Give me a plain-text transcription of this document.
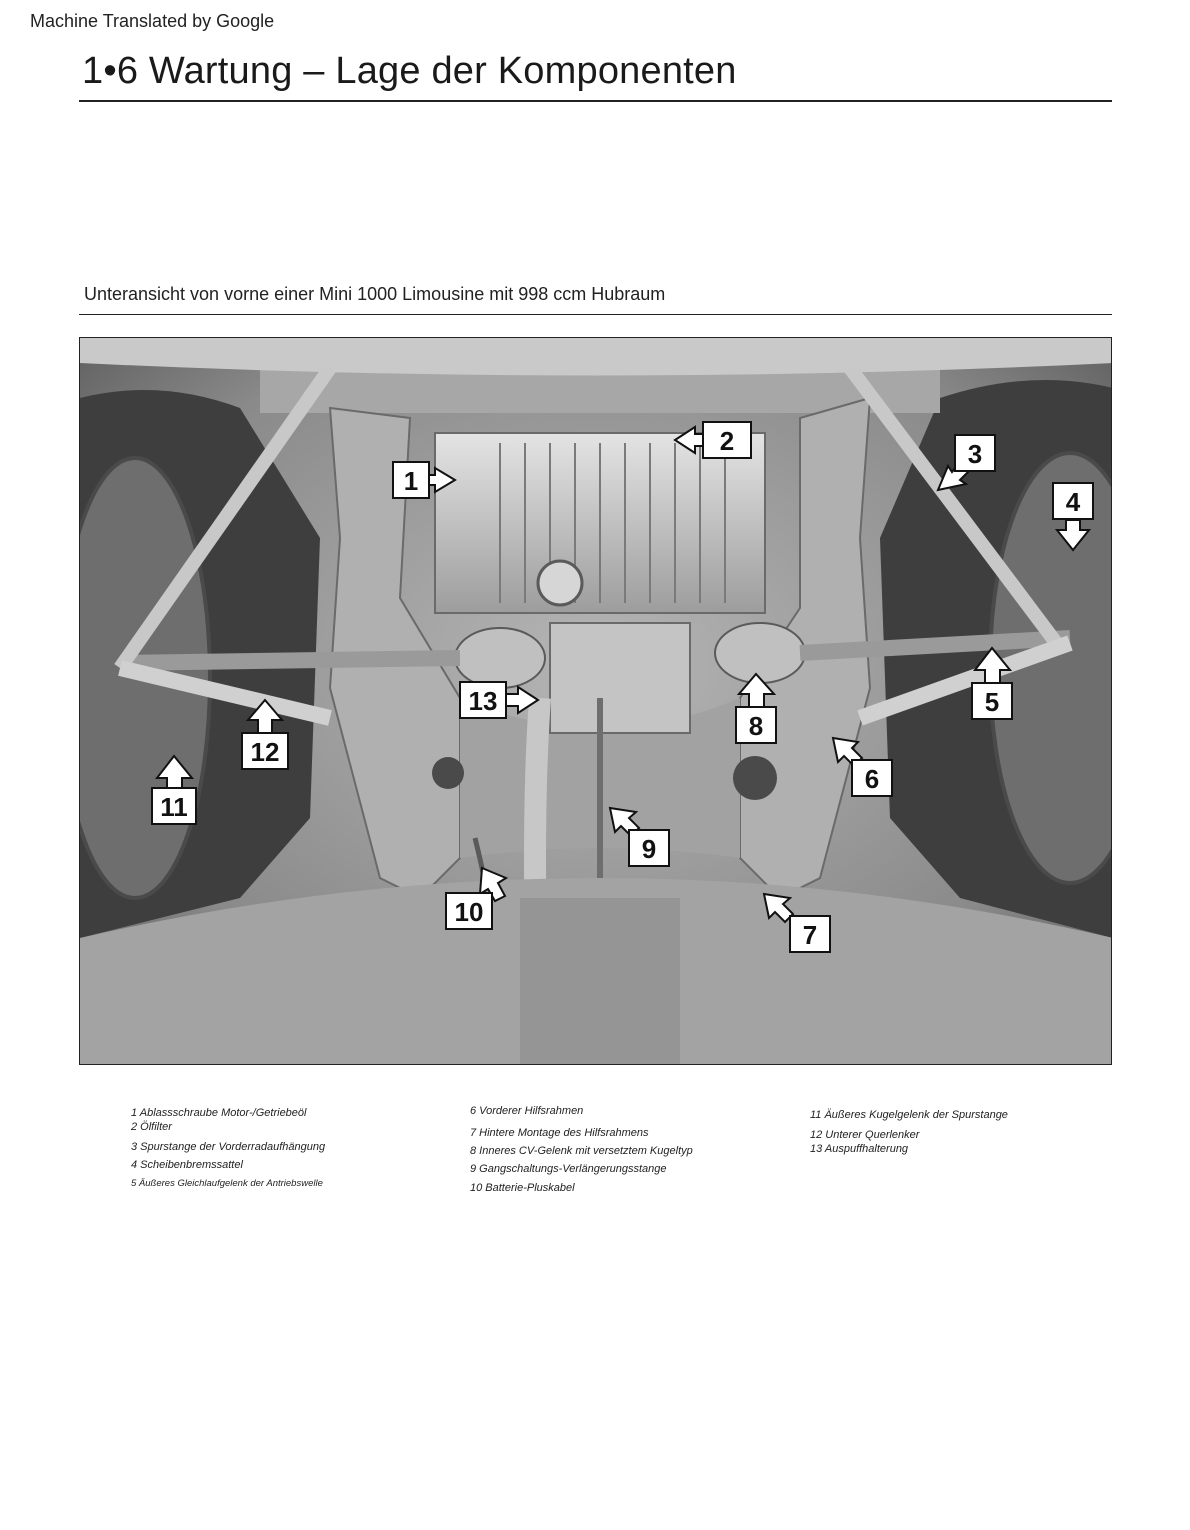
Machine Translated by Google
1•6 Wartung – Lage der Komponenten
Unteransicht von vorne einer Mini 1000 Limousine mit 998 ccm Hubraum
1
2	3
4
5
6
7
8
9
10
11
12
13
1 Ablassschraube Motor-/Getriebeöl
2 Ölfilter
3 Spurstange der Vorderradaufhängung
4 Scheibenbremssattel
5 Äußeres Gleichlaufgelenk der Antriebswelle
6 Vorderer Hilfsrahmen
7 Hintere Montage des Hilfsrahmens
8 Inneres CV-Gelenk mit versetztem Kugeltyp
9 Gangschaltungs-Verlängerungsstange
10 Batterie-Pluskabel
11 Äußeres Kugelgelenk der Spurstange
12 Unterer Querlenker
13 Auspuffhalterung
